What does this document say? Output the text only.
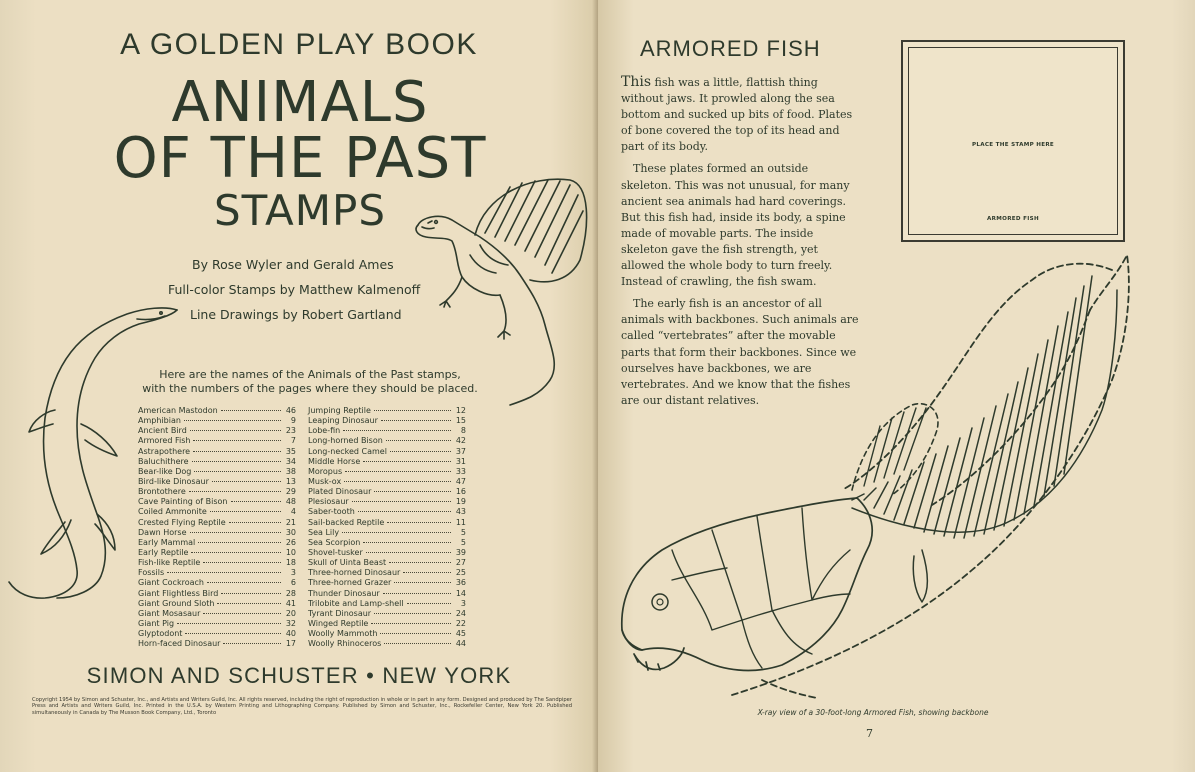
A GOLDEN PLAY BOOK
ANIMALS
OF THE PAST
STAMPS
By Rose Wyler and Gerald Ames
Full-color Stamps by Matthew Kalmenoff
Line Drawings by Robert Gartland
Here are the names of the Animals of the Past stamps,
with the numbers of the pages where they should be placed.
American Mastodon	46
Amphibian	9
Ancient Bird	23
Armored Fish	7
Astrapothere	35
Baluchithere	34
Bear-like Dog	38
Bird-like Dinosaur	13
Brontothere	29
Cave Painting of Bison	48
Coiled Ammonite	4
Crested Flying Reptile	21
Dawn Horse	30
Early Mammal	26
Early Reptile	10
Fish-like Reptile	18
Fossils	3
Giant Cockroach	6
Giant Flightless Bird	28
Giant Ground Sloth	41
Giant Mosasaur	20
Giant Pig	32
Glyptodont	40
Horn-faced Dinosaur	17
Jumping Reptile	12
Leaping Dinosaur	15
Lobe-fin	8
Long-horned Bison	42
Long-necked Camel	37
Middle Horse	31
Moropus	33
Musk-ox	47
Plated Dinosaur	16
Plesiosaur	19
Saber-tooth	43
Sail-backed Reptile	11
Sea Lily	5
Sea Scorpion	5
Shovel-tusker	39
Skull of Uinta Beast	27
Three-horned Dinosaur	25
Three-horned Grazer	36
Thunder Dinosaur	14
Trilobite and Lamp-shell	3
Tyrant Dinosaur	24
Winged Reptile	22
Woolly Mammoth	45
Woolly Rhinoceros	44
SIMON AND SCHUSTER • NEW YORK
Copyright 1954 by Simon and Schuster, Inc., and Artists and Writers Guild, Inc. All rights reserved, including the right of reproduction in whole or in part in any form. Designed and produced by The Sandpiper Press and Artists and Writers Guild, Inc. Printed in the U.S.A. by Western Printing and Lithographing Company. Published by Simon and Schuster, Inc., Rockefeller Center, New York 20. Published simultaneously in Canada by The Musson Book Company, Ltd., Toronto
ARMORED FISH

This fish was a little, flattish thing without jaws. It prowled along the sea bottom and sucked up bits of food. Plates of bone covered the top of its head and part of its body.

These plates formed an outside skeleton. This was not unusual, for many ancient sea animals had hard coverings. But this fish had, inside its body, a spine made of movable parts. The inside skeleton gave the fish strength, yet allowed the whole body to turn freely. Instead of crawling, the fish swam.

The early fish is an ancestor of all animals with backbones. Such animals are called “vertebrates” after the movable parts that form their backbones. Since we ourselves have backbones, we are vertebrates. And we know that the fishes are our distant relatives.

PLACE THE STAMP HERE
ARMORED FISH
X-ray view of a 30-foot-long Armored Fish, showing backbone
7
